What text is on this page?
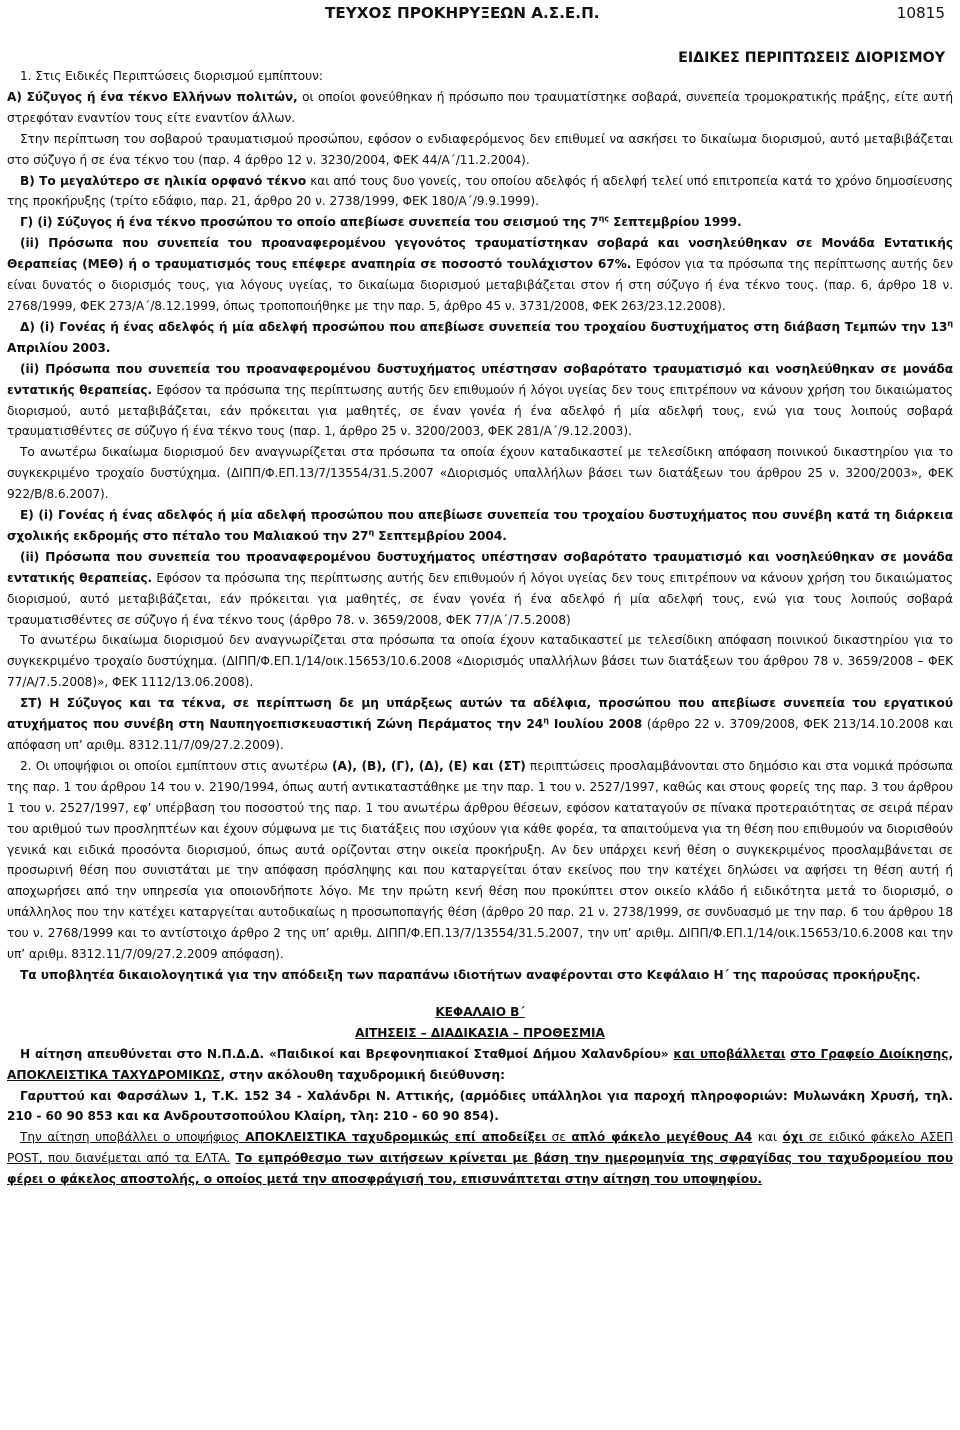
ΤΕΥΧΟΣ ΠΡΟΚΗΡΥΞΕΩΝ Α.Σ.Ε.Π.	10815
ΕΙΔΙΚΕΣ ΠΕΡΙΠΤΩΣΕΙΣ ΔΙΟΡΙΣΜΟΥ

1. Στις Ειδικές Περιπτώσεις διορισμού εμπίπτουν:

Α) Σύζυγος ή ένα τέκνο Ελλήνων πολιτών, οι οποίοι φονεύθηκαν ή πρόσωπο που τραυματίστηκε σοβαρά, συνεπεία τρομοκρατικής πράξης, είτε αυτή στρεφόταν εναντίον τους είτε εναντίον άλλων.

Στην περίπτωση του σοβαρού τραυματισμού προσώπου, εφόσον ο ενδιαφερόμενος δεν επιθυμεί να ασκήσει το δικαίωμα διορισμού, αυτό μεταβιβάζεται στο σύζυγο ή σε ένα τέκνο του (παρ. 4 άρθρο 12 ν. 3230/2004, ΦΕΚ 44/Α΄/11.2.2004).

Β) Το μεγαλύτερο σε ηλικία ορφανό τέκνο και από τους δυο γονείς, του οποίου αδελφός ή αδελφή τελεί υπό επιτροπεία κατά το χρόνο δημοσίευσης της προκήρυξης (τρίτο εδάφιο, παρ. 21, άρθρο 20 ν. 2738/1999, ΦΕΚ 180/Α΄/9.9.1999).

Γ) (i) Σύζυγος ή ένα τέκνο προσώπου το οποίο απεβίωσε συνεπεία του σεισμού της $7^{\eta\varsigma}$ Σεπτεμβρίου 1999.

(ii) Πρόσωπα που συνεπεία του προαναφερομένου γεγονότος τραυματίστηκαν σοβαρά και νοσηλεύθηκαν σε Μονάδα Εντατικής Θεραπείας (ΜΕΘ) ή ο τραυματισμός τους επέφερε αναπηρία σε ποσοστό τουλάχιστον 67%. Εφόσον για τα πρόσωπα της περίπτωσης αυτής δεν είναι δυνατός ο διορισμός τους, για λόγους υγείας, το δικαίωμα διορισμού μεταβιβάζεται στον ή στη σύζυγο ή ένα τέκνο τους. (παρ. 6, άρθρο 18 ν. 2768/1999, ΦΕΚ 273/Α΄/8.12.1999, όπως τροποποιήθηκε με την παρ. 5, άρθρο 45 ν. 3731/2008, ΦΕΚ 263/23.12.2008).

Δ) (i) Γονέας ή ένας αδελφός ή μία αδελφή προσώπου που απεβίωσε συνεπεία του τροχαίου δυστυχήματος στη διάβαση Τεμπών την $13^\eta$ Απριλίου 2003.

(ii) Πρόσωπα που συνεπεία του προαναφερομένου δυστυχήματος υπέστησαν σοβαρότατο τραυματισμό και νοσηλεύθηκαν σε μονάδα εντατικής θεραπείας. Εφόσον τα πρόσωπα της περίπτωσης αυτής δεν επιθυμούν ή λόγοι υγείας δεν τους επιτρέπουν να κάνουν χρήση του δικαιώματος διορισμού, αυτό μεταβιβάζεται, εάν πρόκειται για μαθητές, σε έναν γονέα ή ένα αδελφό ή μία αδελφή τους, ενώ για τους λοιπούς σοβαρά τραυματισθέντες σε σύζυγο ή ένα τέκνο τους (παρ. 1, άρθρο 25 ν. 3200/2003, ΦΕΚ 281/Α΄/9.12.2003).

Το ανωτέρω δικαίωμα διορισμού δεν αναγνωρίζεται στα πρόσωπα τα οποία έχουν καταδικαστεί με τελεσίδικη απόφαση ποινικού δικαστηρίου για το συγκεκριμένο τροχαίο δυστύχημα. (ΔΙΠΠ/Φ.ΕΠ.13/7/13554/31.5.2007 «Διορισμός υπαλλήλων βάσει των διατάξεων του άρθρου 25 ν. 3200/2003», ΦΕΚ 922/Β/8.6.2007).

Ε) (i) Γονέας ή ένας αδελφός ή μία αδελφή προσώπου που απεβίωσε συνεπεία του τροχαίου δυστυχήματος που συνέβη κατά τη διάρκεια σχολικής εκδρομής στο πέταλο του Μαλιακού την $27^\eta$ Σεπτεμβρίου 2004.

(ii) Πρόσωπα που συνεπεία του προαναφερομένου δυστυχήματος υπέστησαν σοβαρότατο τραυματισμό και νοσηλεύθηκαν σε μονάδα εντατικής θεραπείας. Εφόσον τα πρόσωπα της περίπτωσης αυτής δεν επιθυμούν ή λόγοι υγείας δεν τους επιτρέπουν να κάνουν χρήση του δικαιώματος διορισμού, αυτό μεταβιβάζεται, εάν πρόκειται για μαθητές, σε έναν γονέα ή ένα αδελφό ή μία αδελφή τους, ενώ για τους λοιπούς σοβαρά τραυματισθέντες σε σύζυγο ή ένα τέκνο τους (άρθρο 78. ν. 3659/2008, ΦΕΚ 77/Α΄/7.5.2008)

Το ανωτέρω δικαίωμα διορισμού δεν αναγνωρίζεται στα πρόσωπα τα οποία έχουν καταδικαστεί με τελεσίδικη απόφαση ποινικού δικαστηρίου για το συγκεκριμένο τροχαίο δυστύχημα. (ΔΙΠΠ/Φ.ΕΠ.1/14/οικ.15653/10.6.2008 «Διορισμός υπαλλήλων βάσει των διατάξεων του άρθρου 78 ν. 3659/2008 – ΦΕΚ 77/Α/7.5.2008)», ΦΕΚ 1112/13.06.2008).

ΣΤ) Η Σύζυγος και τα τέκνα, σε περίπτωση δε μη υπάρξεως αυτών τα αδέλφια, προσώπου που απεβίωσε συνεπεία του εργατικού ατυχήματος που συνέβη στη Ναυπηγοεπισκευαστική Ζώνη Περάματος την $24^\eta$ Ιουλίου 2008 (άρθρο 22 ν. 3709/2008, ΦΕΚ 213/14.10.2008 και απόφαση υπ’ αριθμ. 8312.11/7/09/27.2.2009).

2. Οι υποψήφιοι οι οποίοι εμπίπτουν στις ανωτέρω (Α), (Β), (Γ), (Δ), (Ε) και (ΣΤ) περιπτώσεις προσλαμβάνονται στο δημόσιο και στα νομικά πρόσωπα της παρ. 1 του άρθρου 14 του ν. 2190/1994, όπως αυτή αντικαταστάθηκε με την παρ. 1 του ν. 2527/1997, καθώς και στους φορείς της παρ. 3 του άρθρου 1 του ν. 2527/1997, εφ’ υπέρβαση του ποσοστού της παρ. 1 του ανωτέρω άρθρου θέσεων, εφόσον καταταγούν σε πίνακα προτεραιότητας σε σειρά πέραν του αριθμού των προσληπτέων και έχουν σύμφωνα με τις διατάξεις που ισχύουν για κάθε φορέα, τα απαιτούμενα για τη θέση που επιθυμούν να διορισθούν γενικά και ειδικά προσόντα διορισμού, όπως αυτά ορίζονται στην οικεία προκήρυξη. Αν δεν υπάρχει κενή θέση ο συγκεκριμένος προσλαμβάνεται σε προσωρινή θέση που συνιστάται με την απόφαση πρόσληψης και που καταργείται όταν εκείνος που την κατέχει δηλώσει να αφήσει τη θέση αυτή ή αποχωρήσει από την υπηρεσία για οποιονδήποτε λόγο. Με την πρώτη κενή θέση που προκύπτει στον οικείο κλάδο ή ειδικότητα μετά το διορισμό, ο υπάλληλος που την κατέχει καταργείται αυτοδικαίως η προσωποπαγής θέση (άρθρο 20 παρ. 21 ν. 2738/1999, σε συνδυασμό με την παρ. 6 του άρθρου 18 του ν. 2768/1999 και το αντίστοιχο άρθρο 2 της υπ’ αριθμ. ΔΙΠΠ/Φ.ΕΠ.13/7/13554/31.5.2007, την υπ’ αριθμ. ΔΙΠΠ/Φ.ΕΠ.1/14/οικ.15653/10.6.2008 και την υπ’ αριθμ. 8312.11/7/09/27.2.2009 απόφαση).

Τα υποβλητέα δικαιολογητικά για την απόδειξη των παραπάνω ιδιοτήτων αναφέρονται στο Κεφάλαιο Η΄ της παρούσας προκήρυξης.

ΚΕΦΑΛΑΙΟ Β΄
ΑΙΤΗΣΕΙΣ – ΔΙΑΔΙΚΑΣΙΑ – ΠΡΟΘΕΣΜΙΑ

Η αίτηση απευθύνεται στο Ν.Π.Δ.Δ. «Παιδικοί και Βρεφονηπιακοί Σταθμοί Δήμου Χαλανδρίου» και υποβάλλεται στο Γραφείο Διοίκησης, ΑΠΟΚΛΕΙΣΤΙΚΑ ΤΑΧΥΔΡΟΜΙΚΩΣ, στην ακόλουθη ταχυδρομική διεύθυνση:

Γαρυττού και Φαρσάλων 1, Τ.Κ. 152 34 - Χαλάνδρι Ν. Αττικής, (αρμόδιες υπάλληλοι για παροχή πληροφοριών: Μυλωνάκη Χρυσή, τηλ. 210 - 60 90 853 και κα Ανδρουτσοπούλου Κλαίρη, τλη: 210 - 60 90 854).

Την αίτηση υποβάλλει ο υποψήφιος ΑΠΟΚΛΕΙΣΤΙΚΑ ταχυδρομικώς επί αποδείξει σε απλό φάκελο μεγέθους Α4 και όχι σε ειδικό φάκελο ΑΣΕΠ POST, που διανέμεται από τα ΕΛΤΑ. Το εμπρόθεσμο των αιτήσεων κρίνεται με βάση την ημερομηνία της σφραγίδας του ταχυδρομείου που φέρει ο φάκελος αποστολής, ο οποίος μετά την αποσφράγισή του, επισυνάπτεται στην αίτηση του υποψηφίου.
